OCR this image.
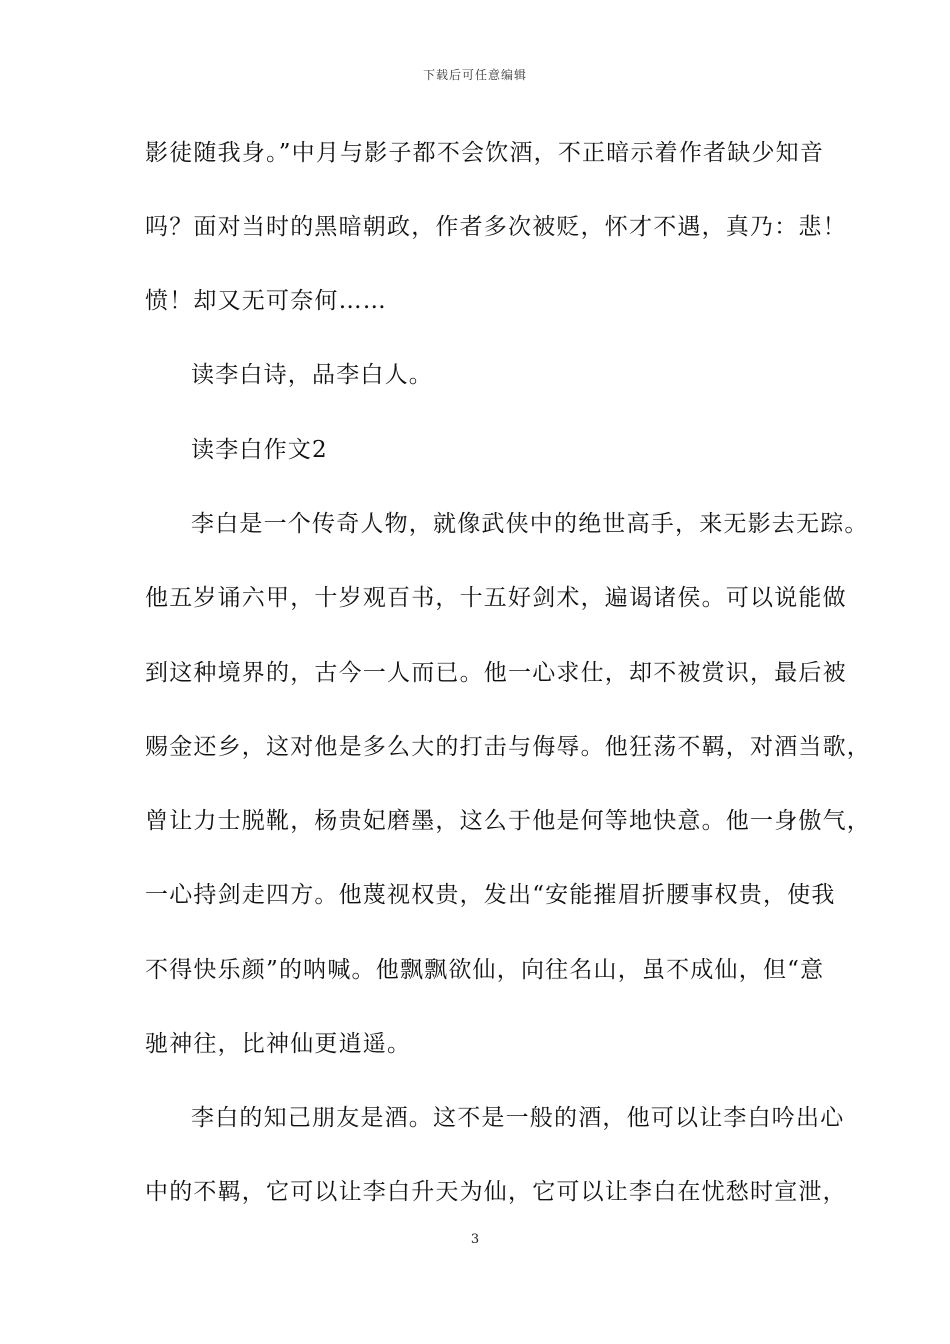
下载后可任意编辑
影徒随我身。”中月与影子都不会饮酒，不正暗示着作者缺少知音
吗？面对当时的黑暗朝政，作者多次被贬，怀才不遇，真乃：悲！
愤！却又无可奈何……
读李白诗，品李白人。
读李白作文2
李白是一个传奇人物，就像武侠中的绝世高手，来无影去无踪。
他五岁诵六甲，十岁观百书，十五好剑术，遍谒诸侯。可以说能做
到这种境界的，古今一人而已。他一心求仕，却不被赏识，最后被
赐金还乡，这对他是多么大的打击与侮辱。他狂荡不羁，对酒当歌，
曾让力士脱靴，杨贵妃磨墨，这么于他是何等地快意。他一身傲气，
一心持剑走四方。他蔑视权贵，发出“安能摧眉折腰事权贵，使我
不得快乐颜”的呐喊。他飘飘欲仙，向往名山，虽不成仙，但“意
驰神往，比神仙更逍遥。
李白的知己朋友是酒。这不是一般的酒，他可以让李白吟出心
中的不羁，它可以让李白升天为仙，它可以让李白在忧愁时宣泄，
3
